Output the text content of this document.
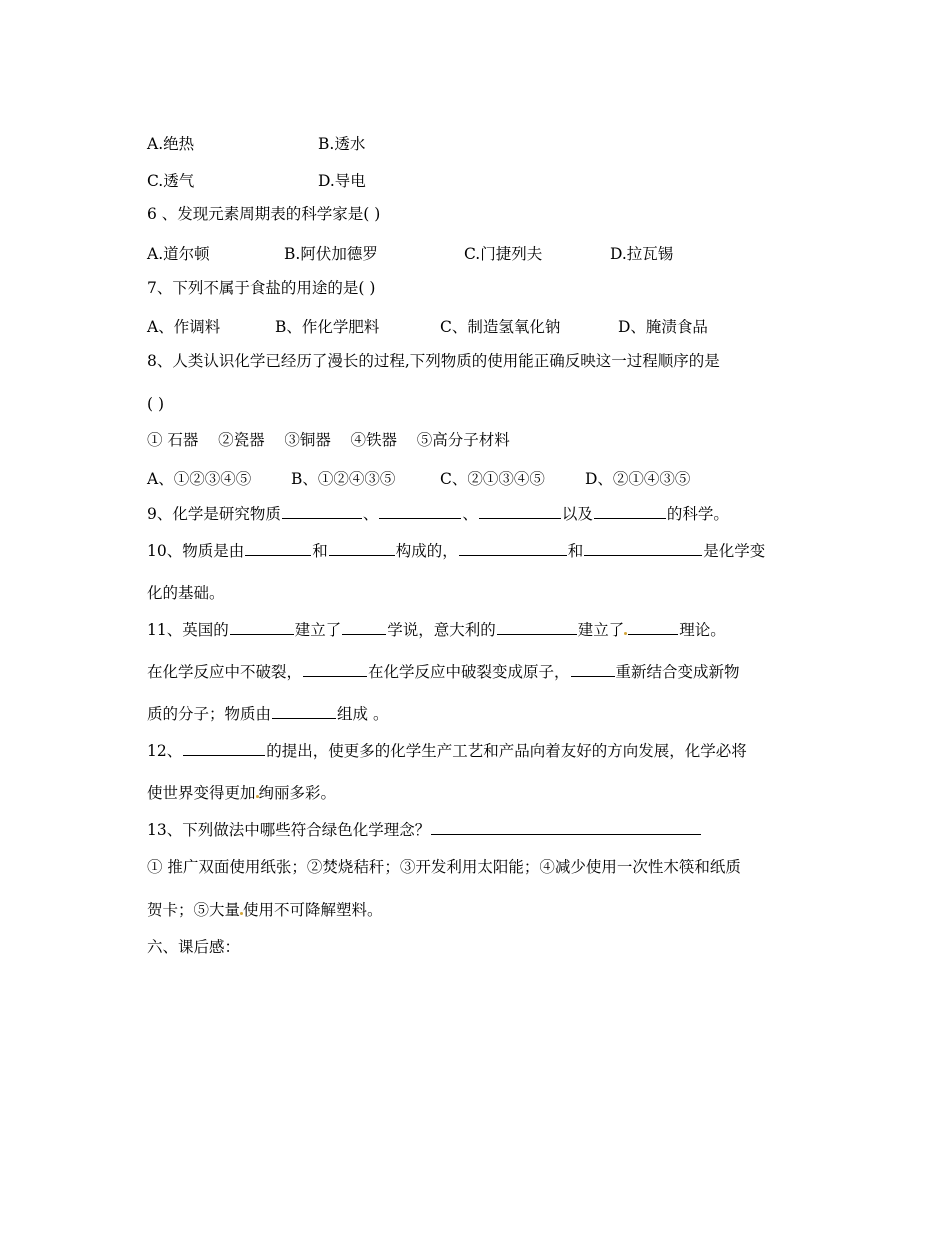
A.绝热	B.透水
C.透气	D.导电
6 、发现元素周期表的科学家是( )
A.道尔顿	B.阿伏加德罗	C.门捷列夫	D.拉瓦锡
7、下列不属于食盐的用途的是( )
A、作调料	B、作化学肥料	C、制造氢氧化钠	D、腌渍食品
8、人类认识化学已经历了漫长的过程,下列物质的使用能正确反映这一过程顺序的是
( )
① 石器    ②瓷器    ③铜器    ④铁器    ⑤高分子材料
A、①②③④⑤	B、①②④③⑤	C、②①③④⑤	D、②①④③⑤
9、化学是研究物质	、	、	以及	的科学。
10、物质是由	和	构成的，	和	是化学变
化的基础。
11、英国的	建立了	学说，意大利的	建立了	理论。
在化学反应中不破裂，	在化学反应中破裂变成原子，	重新结合变成新物
质的分子；物质由	组成 。
12、	的提出，使更多的化学生产工艺和产品向着友好的方向发展，化学必将
使世界变得更加 绚丽多彩。
13、下列做法中哪些符合绿色化学理念？
① 推广双面使用纸张；②焚烧秸秆；③开发利用太阳能；④减少使用一次性木筷和纸质
贺卡；⑤大量 使用不可降解塑料。
六、课后感：
